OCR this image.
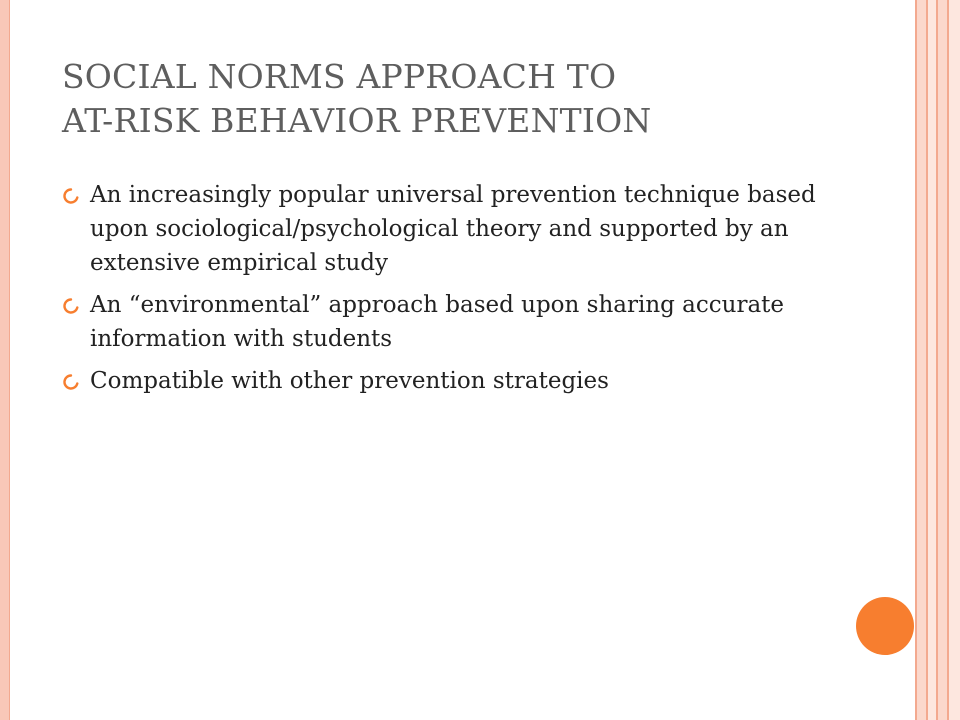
SOCIAL NORMS APPROACH TO
AT-RISK BEHAVIOR PREVENTION
An increasingly popular universal prevention technique based upon sociological/psychological theory and supported by an extensive empirical study
An “environmental” approach based upon sharing accurate information with students
Compatible with other prevention strategies
